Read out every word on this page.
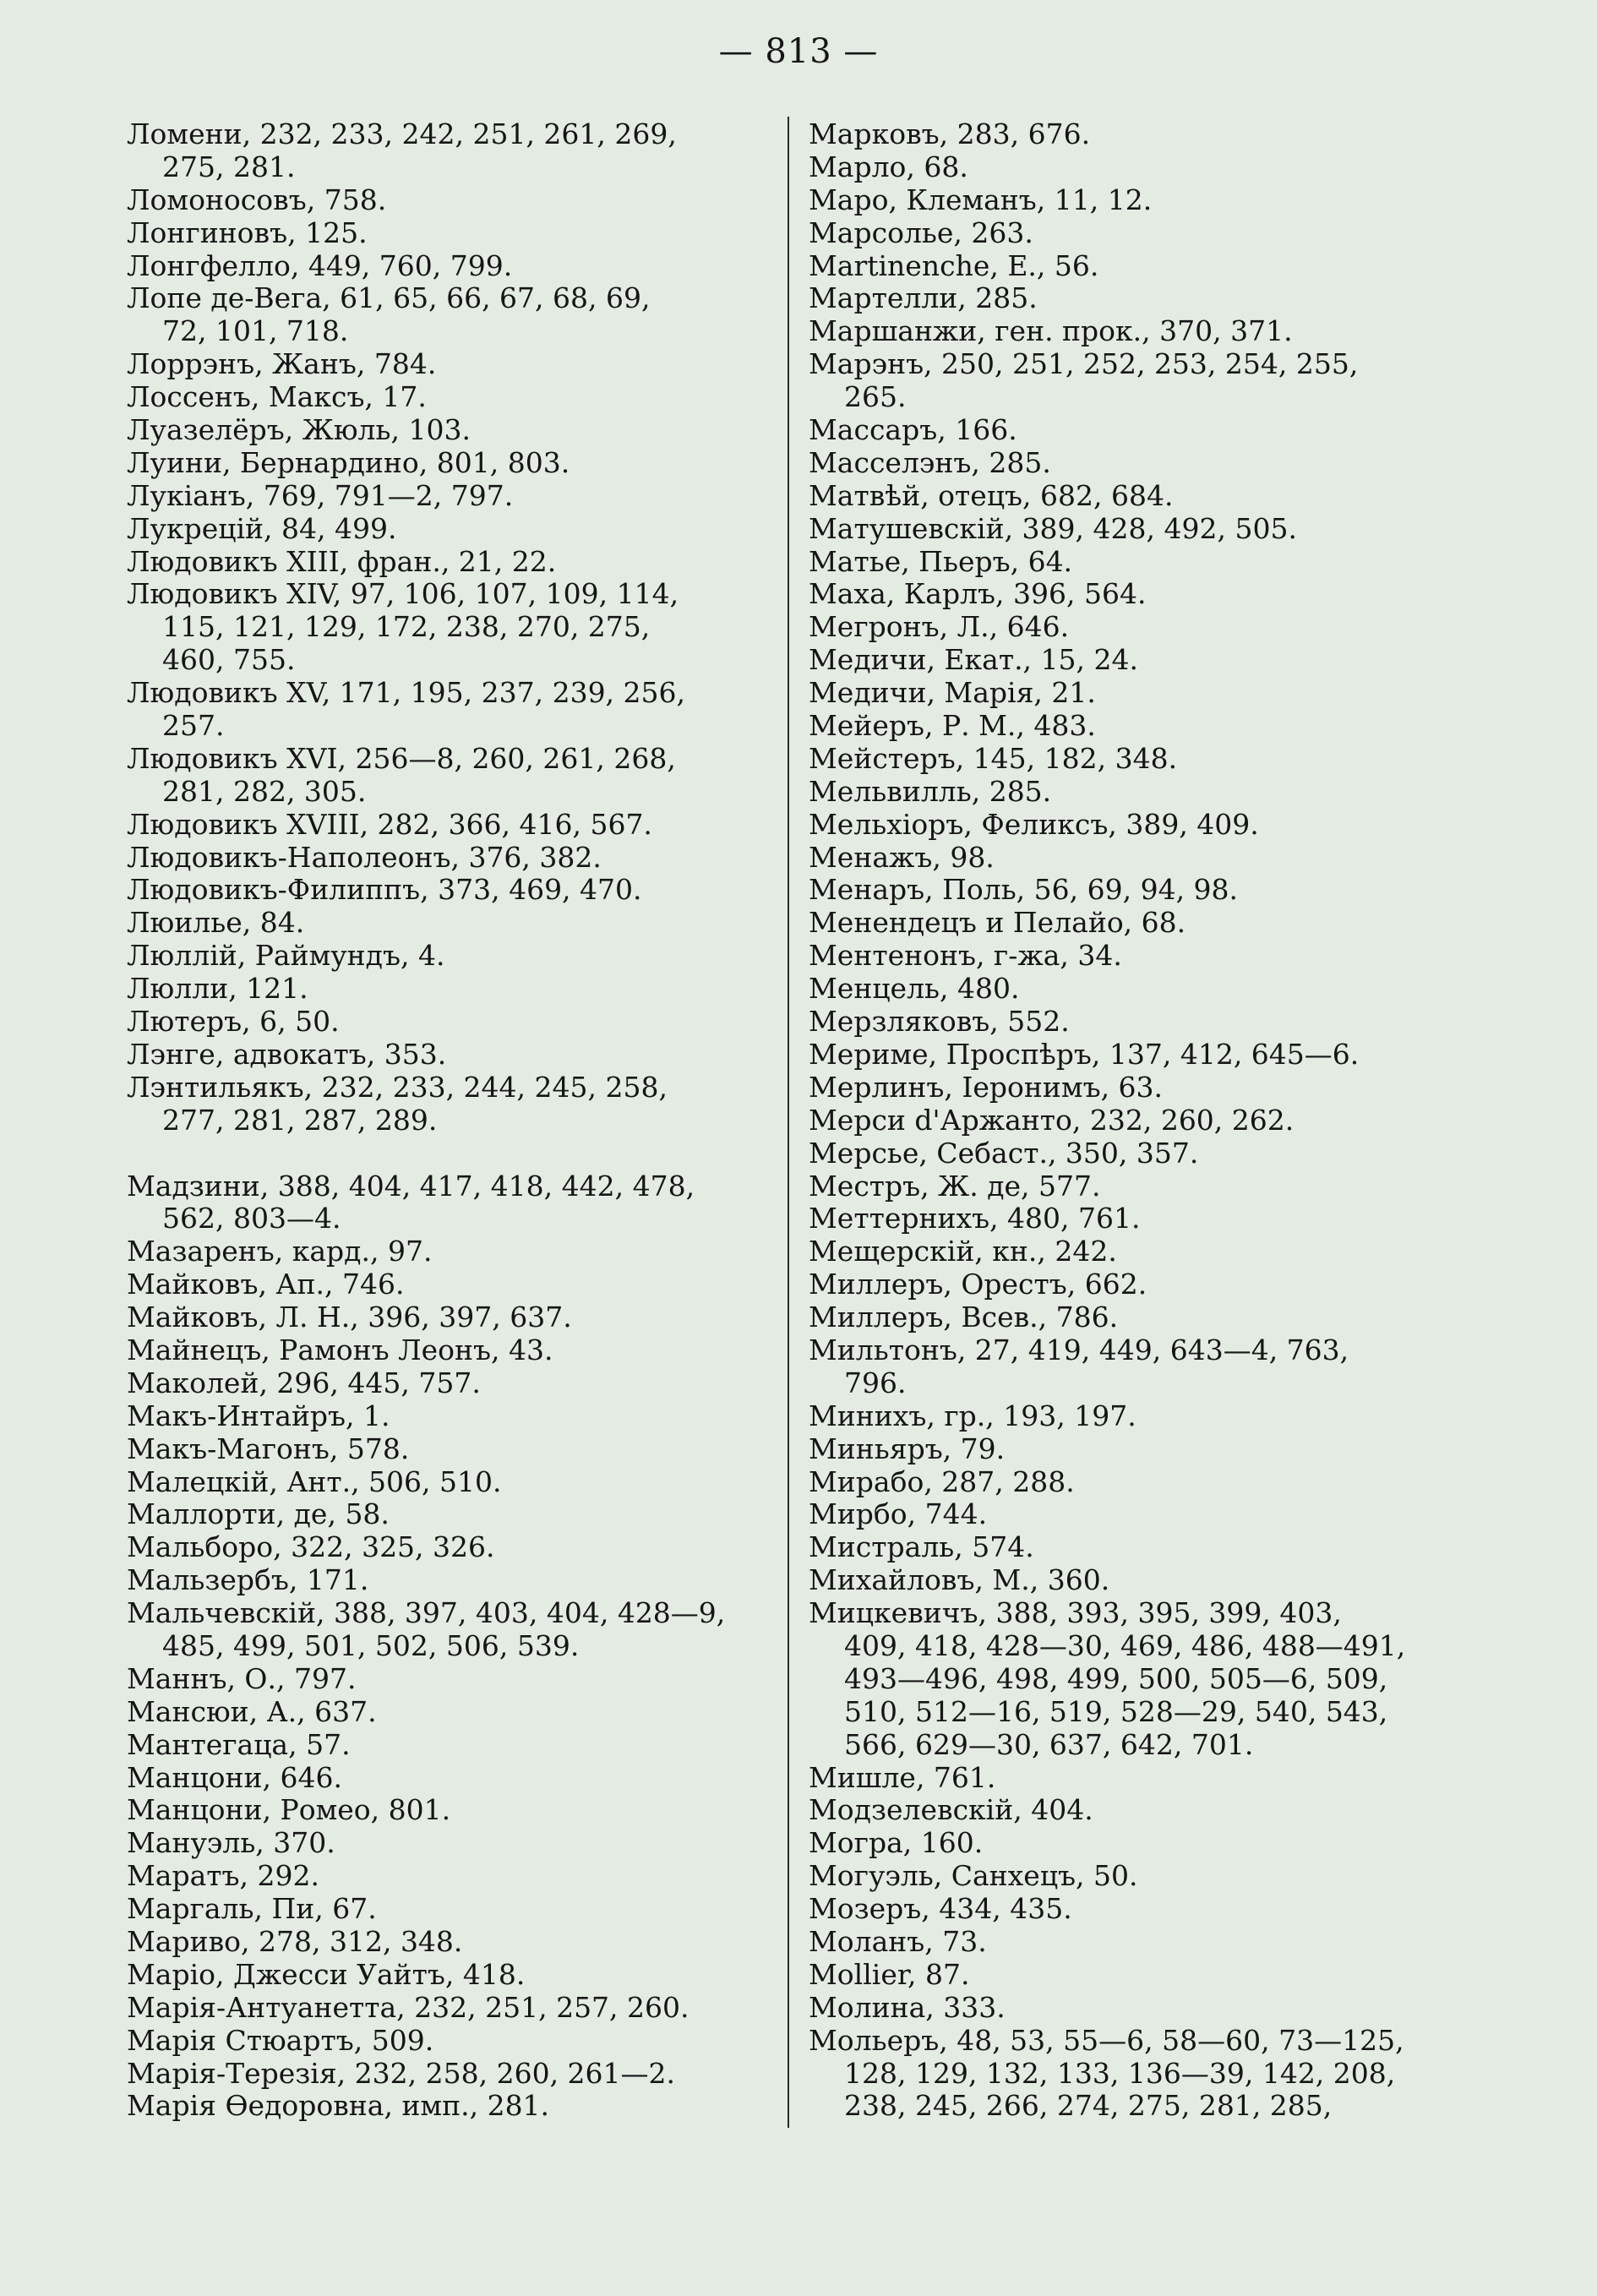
— 813 —
Ломени, 232, 233, 242, 251, 261, 269,
275, 281.
Ломоносовъ, 758.
Лонгиновъ, 125.
Лонгфелло, 449, 760, 799.
Лопе де-Вега, 61, 65, 66, 67, 68, 69,
72, 101, 718.
Лоррэнъ, Жанъ, 784.
Лоссенъ, Максъ, 17.
Луазелёръ, Жюль, 103.
Луини, Бернардино, 801, 803.
Лукіанъ, 769, 791—2, 797.
Лукрецій, 84, 499.
Людовикъ XIII, фран., 21, 22.
Людовикъ XIV, 97, 106, 107, 109, 114,
115, 121, 129, 172, 238, 270, 275,
460, 755.
Людовикъ XV, 171, 195, 237, 239, 256,
257.
Людовикъ XVI, 256—8, 260, 261, 268,
281, 282, 305.
Людовикъ XVIII, 282, 366, 416, 567.
Людовикъ-Наполеонъ, 376, 382.
Людовикъ-Филиппъ, 373, 469, 470.
Люилье, 84.
Люллій, Раймундъ, 4.
Люлли, 121.
Лютеръ, 6, 50.
Лэнге, адвокатъ, 353.
Лэнтильякъ, 232, 233, 244, 245, 258,
277, 281, 287, 289.
Мадзини, 388, 404, 417, 418, 442, 478,
562, 803—4.
Мазаренъ, кард., 97.
Майковъ, Ап., 746.
Майковъ, Л. Н., 396, 397, 637.
Майнецъ, Рамонъ Леонъ, 43.
Маколей, 296, 445, 757.
Макъ-Интайръ, 1.
Макъ-Магонъ, 578.
Малецкій, Ант., 506, 510.
Маллорти, де, 58.
Мальборо, 322, 325, 326.
Мальзербъ, 171.
Мальчевскій, 388, 397, 403, 404, 428—9,
485, 499, 501, 502, 506, 539.
Маннъ, О., 797.
Мансюи, А., 637.
Мантегаца, 57.
Манцони, 646.
Манцони, Ромео, 801.
Мануэль, 370.
Маратъ, 292.
Маргаль, Пи, 67.
Мариво, 278, 312, 348.
Маріо, Джесси Уайтъ, 418.
Марія-Антуанетта, 232, 251, 257, 260.
Марія Стюартъ, 509.
Марія-Терезія, 232, 258, 260, 261—2.
Марія Өедоровна, имп., 281.
Марковъ, 283, 676.
Марло, 68.
Маро, Клеманъ, 11, 12.
Марсолье, 263.
Martinenche, E., 56.
Мартелли, 285.
Маршанжи, ген. прок., 370, 371.
Марэнъ, 250, 251, 252, 253, 254, 255,
265.
Массаръ, 166.
Масселэнъ, 285.
Матвѣй, отецъ, 682, 684.
Матушевскій, 389, 428, 492, 505.
Матье, Пьеръ, 64.
Маха, Карлъ, 396, 564.
Мегронъ, Л., 646.
Медичи, Екат., 15, 24.
Медичи, Марія, 21.
Мейеръ, Р. М., 483.
Мейстеръ, 145, 182, 348.
Мельвилль, 285.
Мельхіоръ, Феликсъ, 389, 409.
Менажъ, 98.
Менаръ, Поль, 56, 69, 94, 98.
Менендецъ и Пелайо, 68.
Ментенонъ, г-жа, 34.
Менцель, 480.
Мерзляковъ, 552.
Мериме, Проспѣръ, 137, 412, 645—6.
Мерлинъ, Іеронимъ, 63.
Мерси d'Аржанто, 232, 260, 262.
Мерсье, Себаст., 350, 357.
Местръ, Ж. де, 577.
Меттернихъ, 480, 761.
Мещерскій, кн., 242.
Миллеръ, Орестъ, 662.
Миллеръ, Всев., 786.
Мильтонъ, 27, 419, 449, 643—4, 763,
796.
Минихъ, гр., 193, 197.
Миньяръ, 79.
Мирабо, 287, 288.
Мирбо, 744.
Мистраль, 574.
Михайловъ, М., 360.
Мицкевичъ, 388, 393, 395, 399, 403,
409, 418, 428—30, 469, 486, 488—491,
493—496, 498, 499, 500, 505—6, 509,
510, 512—16, 519, 528—29, 540, 543,
566, 629—30, 637, 642, 701.
Мишле, 761.
Модзелевскій, 404.
Могра, 160.
Могуэль, Санхецъ, 50.
Мозеръ, 434, 435.
Моланъ, 73.
Mollier, 87.
Молина, 333.
Мольеръ, 48, 53, 55—6, 58—60, 73—125,
128, 129, 132, 133, 136—39, 142, 208,
238, 245, 266, 274, 275, 281, 285,
